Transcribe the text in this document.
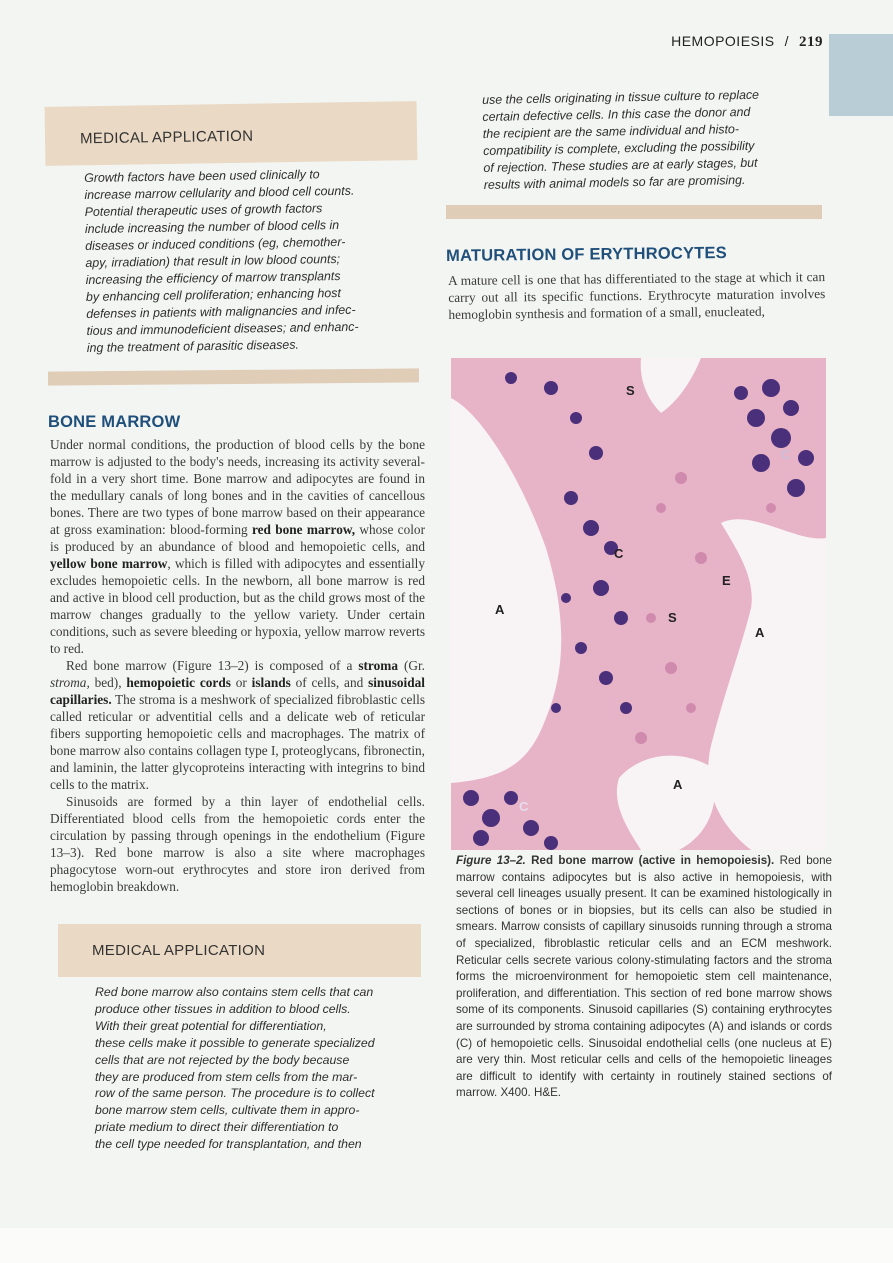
HEMOPOIESIS / 219
MEDICAL APPLICATION
Growth factors have been used clinically to
increase marrow cellularity and blood cell counts.
Potential therapeutic uses of growth factors
include increasing the number of blood cells in
diseases or induced conditions (eg, chemother-
apy, irradiation) that result in low blood counts;
increasing the efficiency of marrow transplants
by enhancing cell proliferation; enhancing host
defenses in patients with malignancies and infec-
tious and immunodeficient diseases; and enhanc-
ing the treatment of parasitic diseases.
BONE MARROW

Under normal conditions, the production of blood cells by the bone marrow is adjusted to the body's needs, increasing its activity several-fold in a very short time. Bone marrow and adipocytes are found in the medullary canals of long bones and in the cavities of cancellous bones. There are two types of bone marrow based on their appearance at gross examination: blood-forming red bone marrow, whose color is produced by an abundance of blood and hemopoietic cells, and yellow bone marrow, which is filled with adipocytes and essentially excludes hemopoietic cells. In the newborn, all bone marrow is red and active in blood cell production, but as the child grows most of the marrow changes gradually to the yellow variety. Under certain conditions, such as severe bleeding or hypoxia, yellow marrow reverts to red.

Red bone marrow (Figure 13–2) is composed of a stroma (Gr. stroma, bed), hemopoietic cords or islands of cells, and sinusoidal capillaries. The stroma is a meshwork of specialized fibroblastic cells called reticular or adventitial cells and a delicate web of reticular fibers supporting hemopoietic cells and macrophages. The matrix of bone marrow also contains collagen type I, proteoglycans, fibronectin, and laminin, the latter glycoproteins interacting with integrins to bind cells to the matrix.

Sinusoids are formed by a thin layer of endothelial cells. Differentiated blood cells from the hemopoietic cords enter the circulation by passing through openings in the endothelium (Figure 13–3). Red bone marrow is also a site where macrophages phagocytose worn-out erythrocytes and store iron derived from hemoglobin breakdown.

MEDICAL APPLICATION
Red bone marrow also contains stem cells that can
produce other tissues in addition to blood cells.
With their great potential for differentiation,
these cells make it possible to generate specialized
cells that are not rejected by the body because
they are produced from stem cells from the mar-
row of the same person. The procedure is to collect
bone marrow stem cells, cultivate them in appro-
priate medium to direct their differentiation to
the cell type needed for transplantation, and then
use the cells originating in tissue culture to replace
certain defective cells. In this case the donor and
the recipient are the same individual and histo-
compatibility is complete, excluding the possibility
of rejection. These studies are at early stages, but
results with animal models so far are promising.
MATURATION OF ERYTHROCYTES
A mature cell is one that has differentiated to the stage at which it can carry out all its specific functions. Erythrocyte maturation involves hemoglobin synthesis and formation of a small, enucleated,
S
C
C
E
A
S
A
A
C
Figure 13–2. Red bone marrow (active in hemopoiesis). Red bone marrow contains adipocytes but is also active in hemopoiesis, with several cell lineages usually present. It can be examined histologically in sections of bones or in biopsies, but its cells can also be studied in smears. Marrow consists of capillary sinusoids running through a stroma of specialized, fibroblastic reticular cells and an ECM meshwork. Reticular cells secrete various colony-stimulating factors and the stroma forms the microenvironment for hemopoietic stem cell maintenance, proliferation, and differentiation. This section of red bone marrow shows some of its components. Sinusoid capillaries (S) containing erythrocytes are surrounded by stroma containing adipocytes (A) and islands or cords (C) of hemopoietic cells. Sinusoidal endothelial cells (one nucleus at E) are very thin. Most reticular cells and cells of the hemopoietic lineages are difficult to identify with certainty in routinely stained sections of marrow. X400. H&E.
